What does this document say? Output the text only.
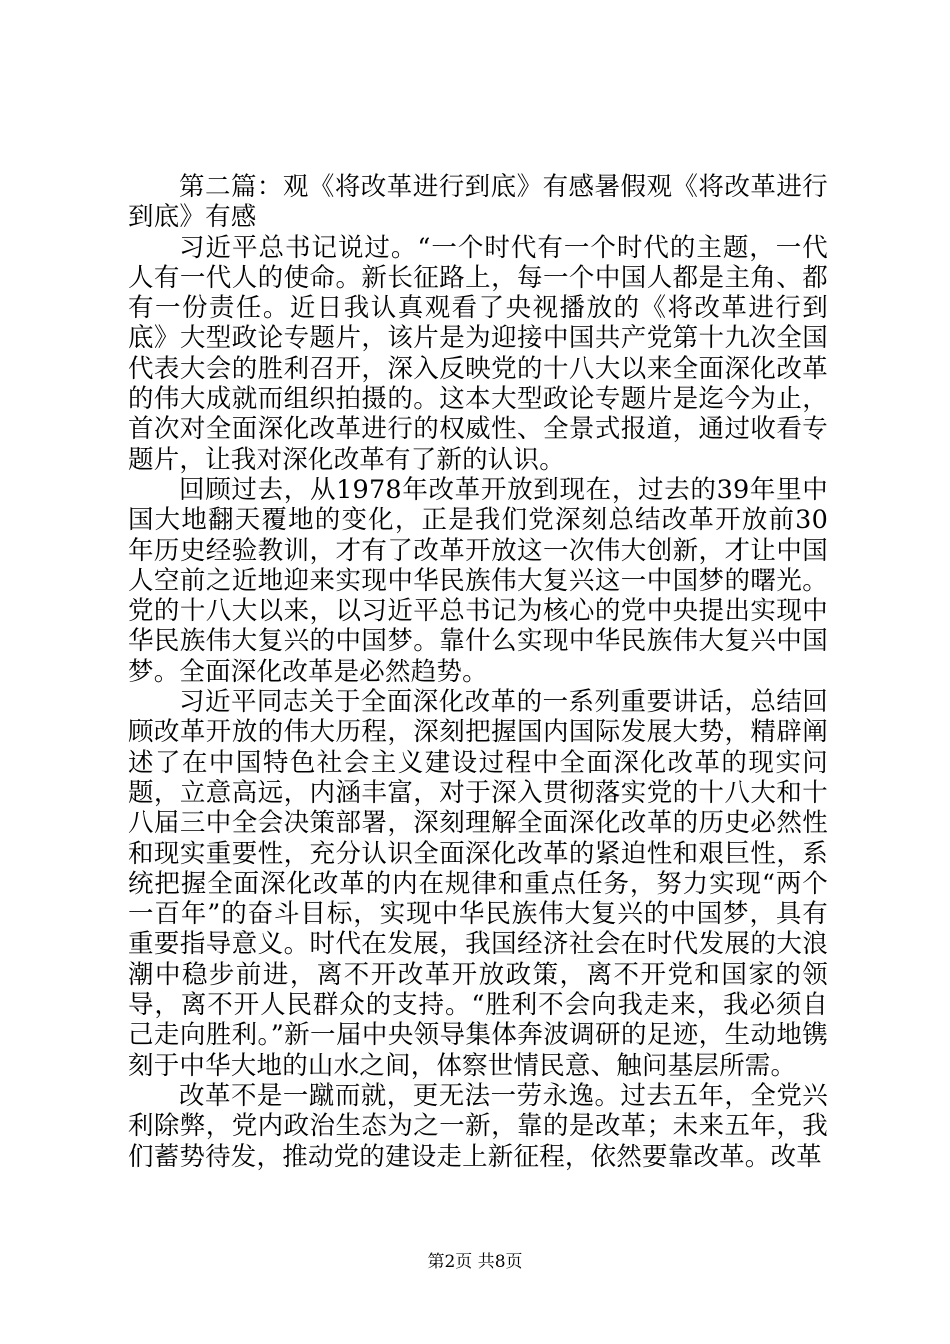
第二篇：观《将改革进行到底》有感暑假观《将改革进行到底》有感

习近平总书记说过。“一个时代有一个时代的主题，一代人有一代人的使命。新长征路上，每一个中国人都是主角、都有一份责任。近日我认真观看了央视播放的《将改革进行到底》大型政论专题片，该片是为迎接中国共产党第十九次全国代表大会的胜利召开，深入反映党的十八大以来全面深化改革的伟大成就而组织拍摄的。这本大型政论专题片是迄今为止，首次对全面深化改革进行的权威性、全景式报道，通过收看专题片，让我对深化改革有了新的认识。

回顾过去，从1978年改革开放到现在，过去的39年里中国大地翻天覆地的变化，正是我们党深刻总结改革开放前30年历史经验教训，才有了改革开放这一次伟大创新，才让中国人空前之近地迎来实现中华民族伟大复兴这一中国梦的曙光。党的十八大以来，以习近平总书记为核心的党中央提出实现中华民族伟大复兴的中国梦。靠什么实现中华民族伟大复兴中国梦。全面深化改革是必然趋势。

习近平同志关于全面深化改革的一系列重要讲话，总结回顾改革开放的伟大历程，深刻把握国内国际发展大势，精辟阐述了在中国特色社会主义建设过程中全面深化改革的现实问题，立意高远，内涵丰富，对于深入贯彻落实党的十八大和十八届三中全会决策部署，深刻理解全面深化改革的历史必然性和现实重要性，充分认识全面深化改革的紧迫性和艰巨性，系统把握全面深化改革的内在规律和重点任务，努力实现“两个一百年”的奋斗目标，实现中华民族伟大复兴的中国梦，具有重要指导意义。时代在发展，我国经济社会在时代发展的大浪潮中稳步前进，离不开改革开放政策，离不开党和国家的领导，离不开人民群众的支持。“胜利不会向我走来，我必须自己走向胜利。”新一届中央领导集体奔波调研的足迹，生动地镌刻于中华大地的山水之间，体察世情民意、触问基层所需。

改革不是一蹴而就，更无法一劳永逸。过去五年，全党兴利除弊，党内政治生态为之一新，靠的是改革；未来五年，我们蓄势待发，推动党的建设走上新征程，依然要靠改革。改革

第2页 共8页
